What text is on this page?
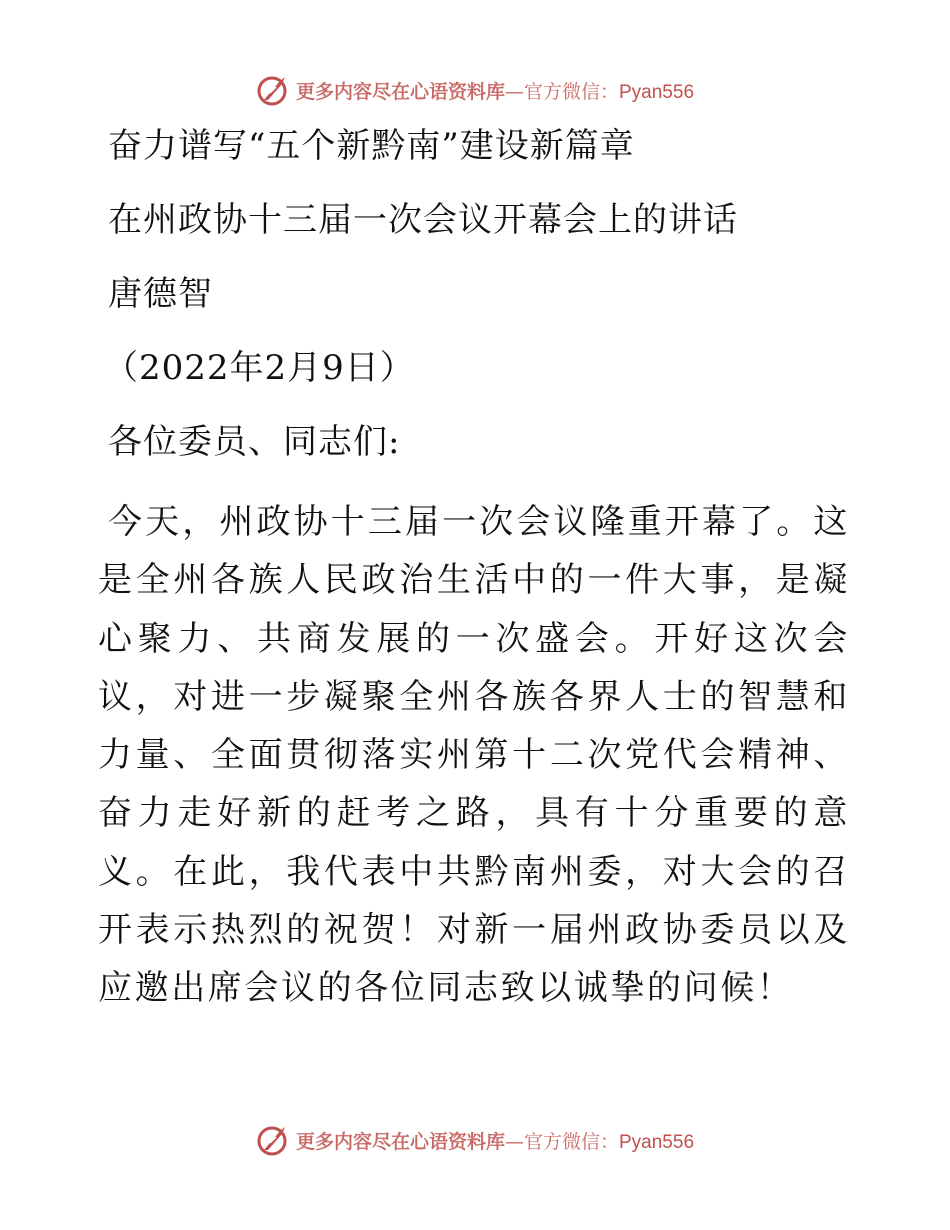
更多内容尽在心语资料库—官方微信：Pyan556
奋力谱写“五个新黔南”建设新篇章
在州政协十三届一次会议开幕会上的讲话
唐德智
（2022年2月9日）
各位委员、同志们:
今天，州政协十三届一次会议隆重开幕了。这是全州各族人民政治生活中的一件大事，是凝心聚力、共商发展的一次盛会。开好这次会议，对进一步凝聚全州各族各界人士的智慧和力量、全面贯彻落实州第十二次党代会精神、奋力走好新的赶考之路，具有十分重要的意义。在此，我代表中共黔南州委，对大会的召开表示热烈的祝贺！对新一届州政协委员以及应邀出席会议的各位同志致以诚挚的问候！
更多内容尽在心语资料库—官方微信：Pyan556
